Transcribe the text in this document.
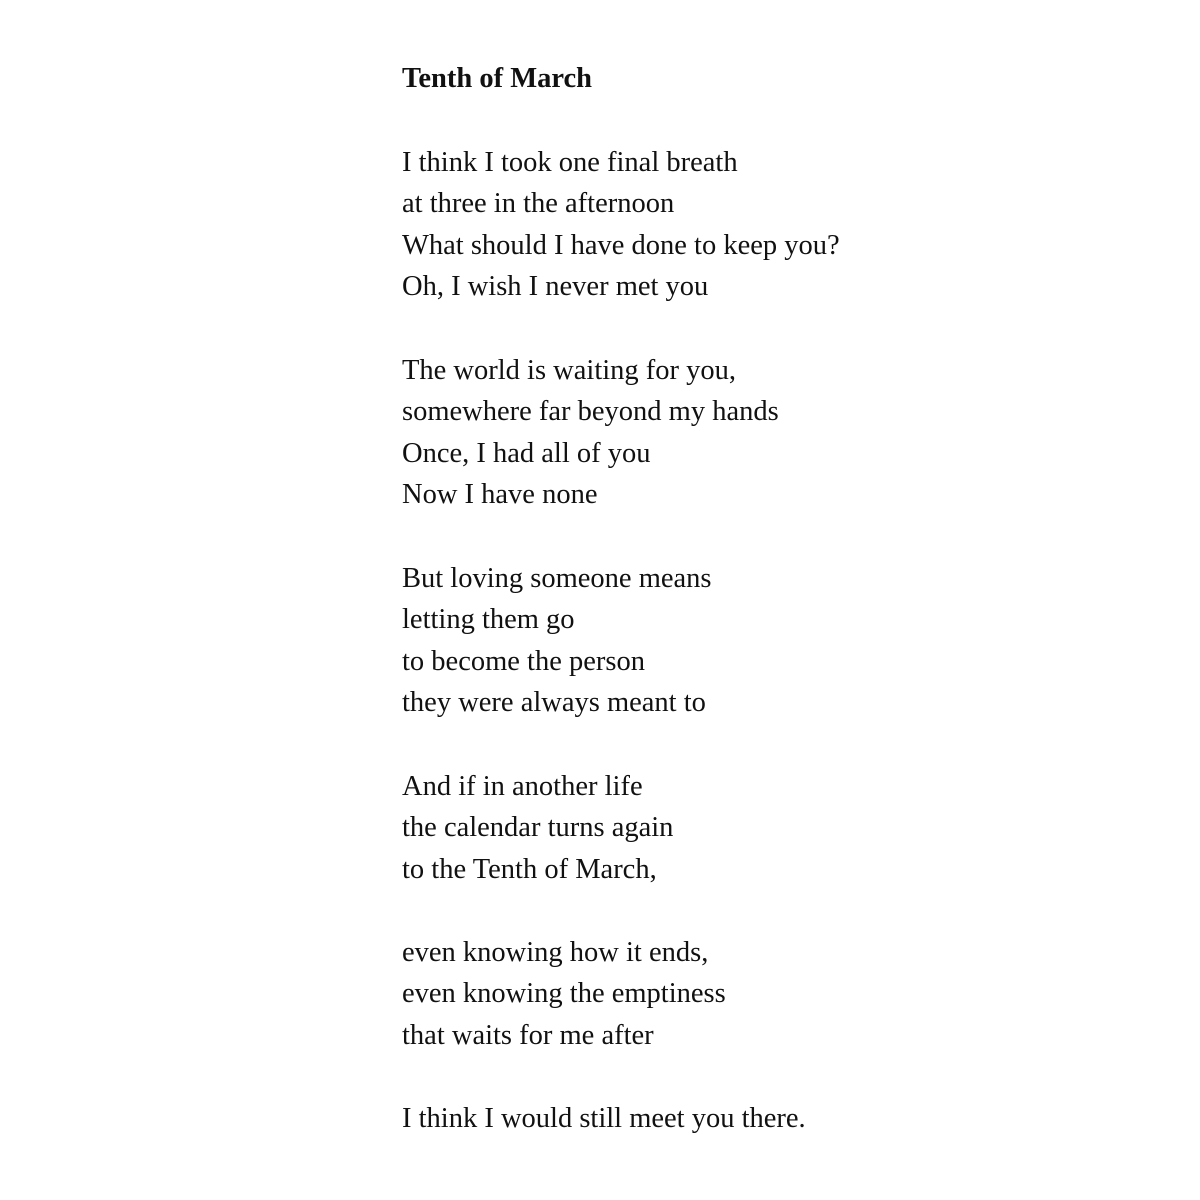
Tenth of March
I think I took one final breath
at three in the afternoon
What should I have done to keep you?
Oh, I wish I never met you
The world is waiting for you,
somewhere far beyond my hands
Once, I had all of you
Now I have none
But loving someone means
letting them go
to become the person
they were always meant to
And if in another life
the calendar turns again
to the Tenth of March,
even knowing how it ends,
even knowing the emptiness
that waits for me after
I think I would still meet you there.
